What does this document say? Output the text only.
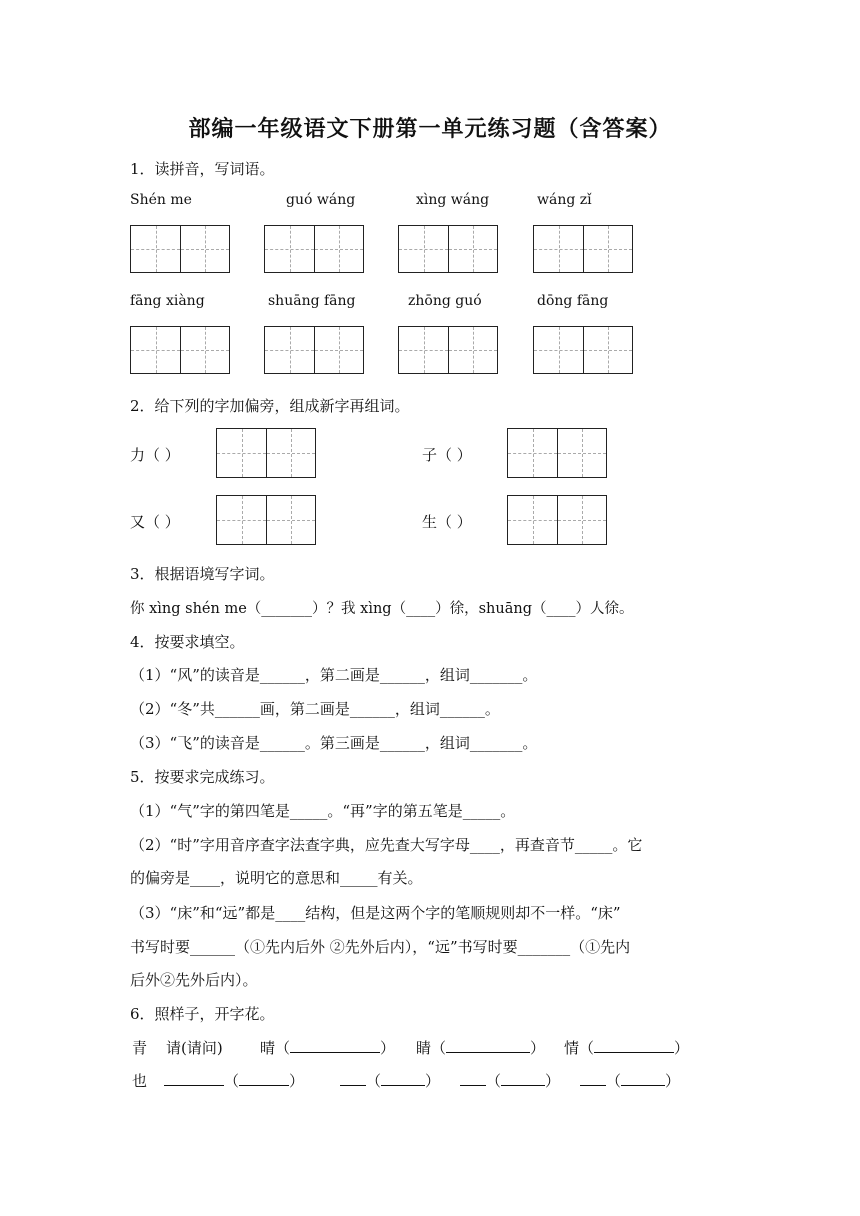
部编一年级语文下册第一单元练习题（含答案）
1．读拼音，写词语。
Shén me	guó wáng	xìng wáng	wáng zǐ
fāng xiàng	shuāng fāng	zhōng guó	dōng fāng
2．给下列的字加偏旁，组成新字再组词。
力（ ）	子（ ）
又（ ）	生（ ）
3．根据语境写字词。
你 xìng shén me（_______）？我 xìng（____）徐，shuāng（____）人徐。
4．按要求填空。
（1）“风”的读音是______，第二画是______，组词_______。
（2）“冬”共______画，第二画是______，组词______。
（3）“飞”的读音是______。第三画是______，组词_______。
5．按要求完成练习。
（1）“气”字的第四笔是_____。“再”字的第五笔是_____。
（2）“时”字用音序查字法查字典，应先查大写字母____，再查音节_____。它
的偏旁是____，说明它的意思和_____有关。
（3）“床”和“远”都是____结构，但是这两个字的笔顺规则却不一样。“床”
书写时要______（①先内后外 ②先外后内），“远”书写时要_______（①先内
后外②先外后内）。
6．照样子，开字花。
青 请(请问) 晴（	） 睛（	） 情（	）
也	（	）	（	）	（	）	（	）
